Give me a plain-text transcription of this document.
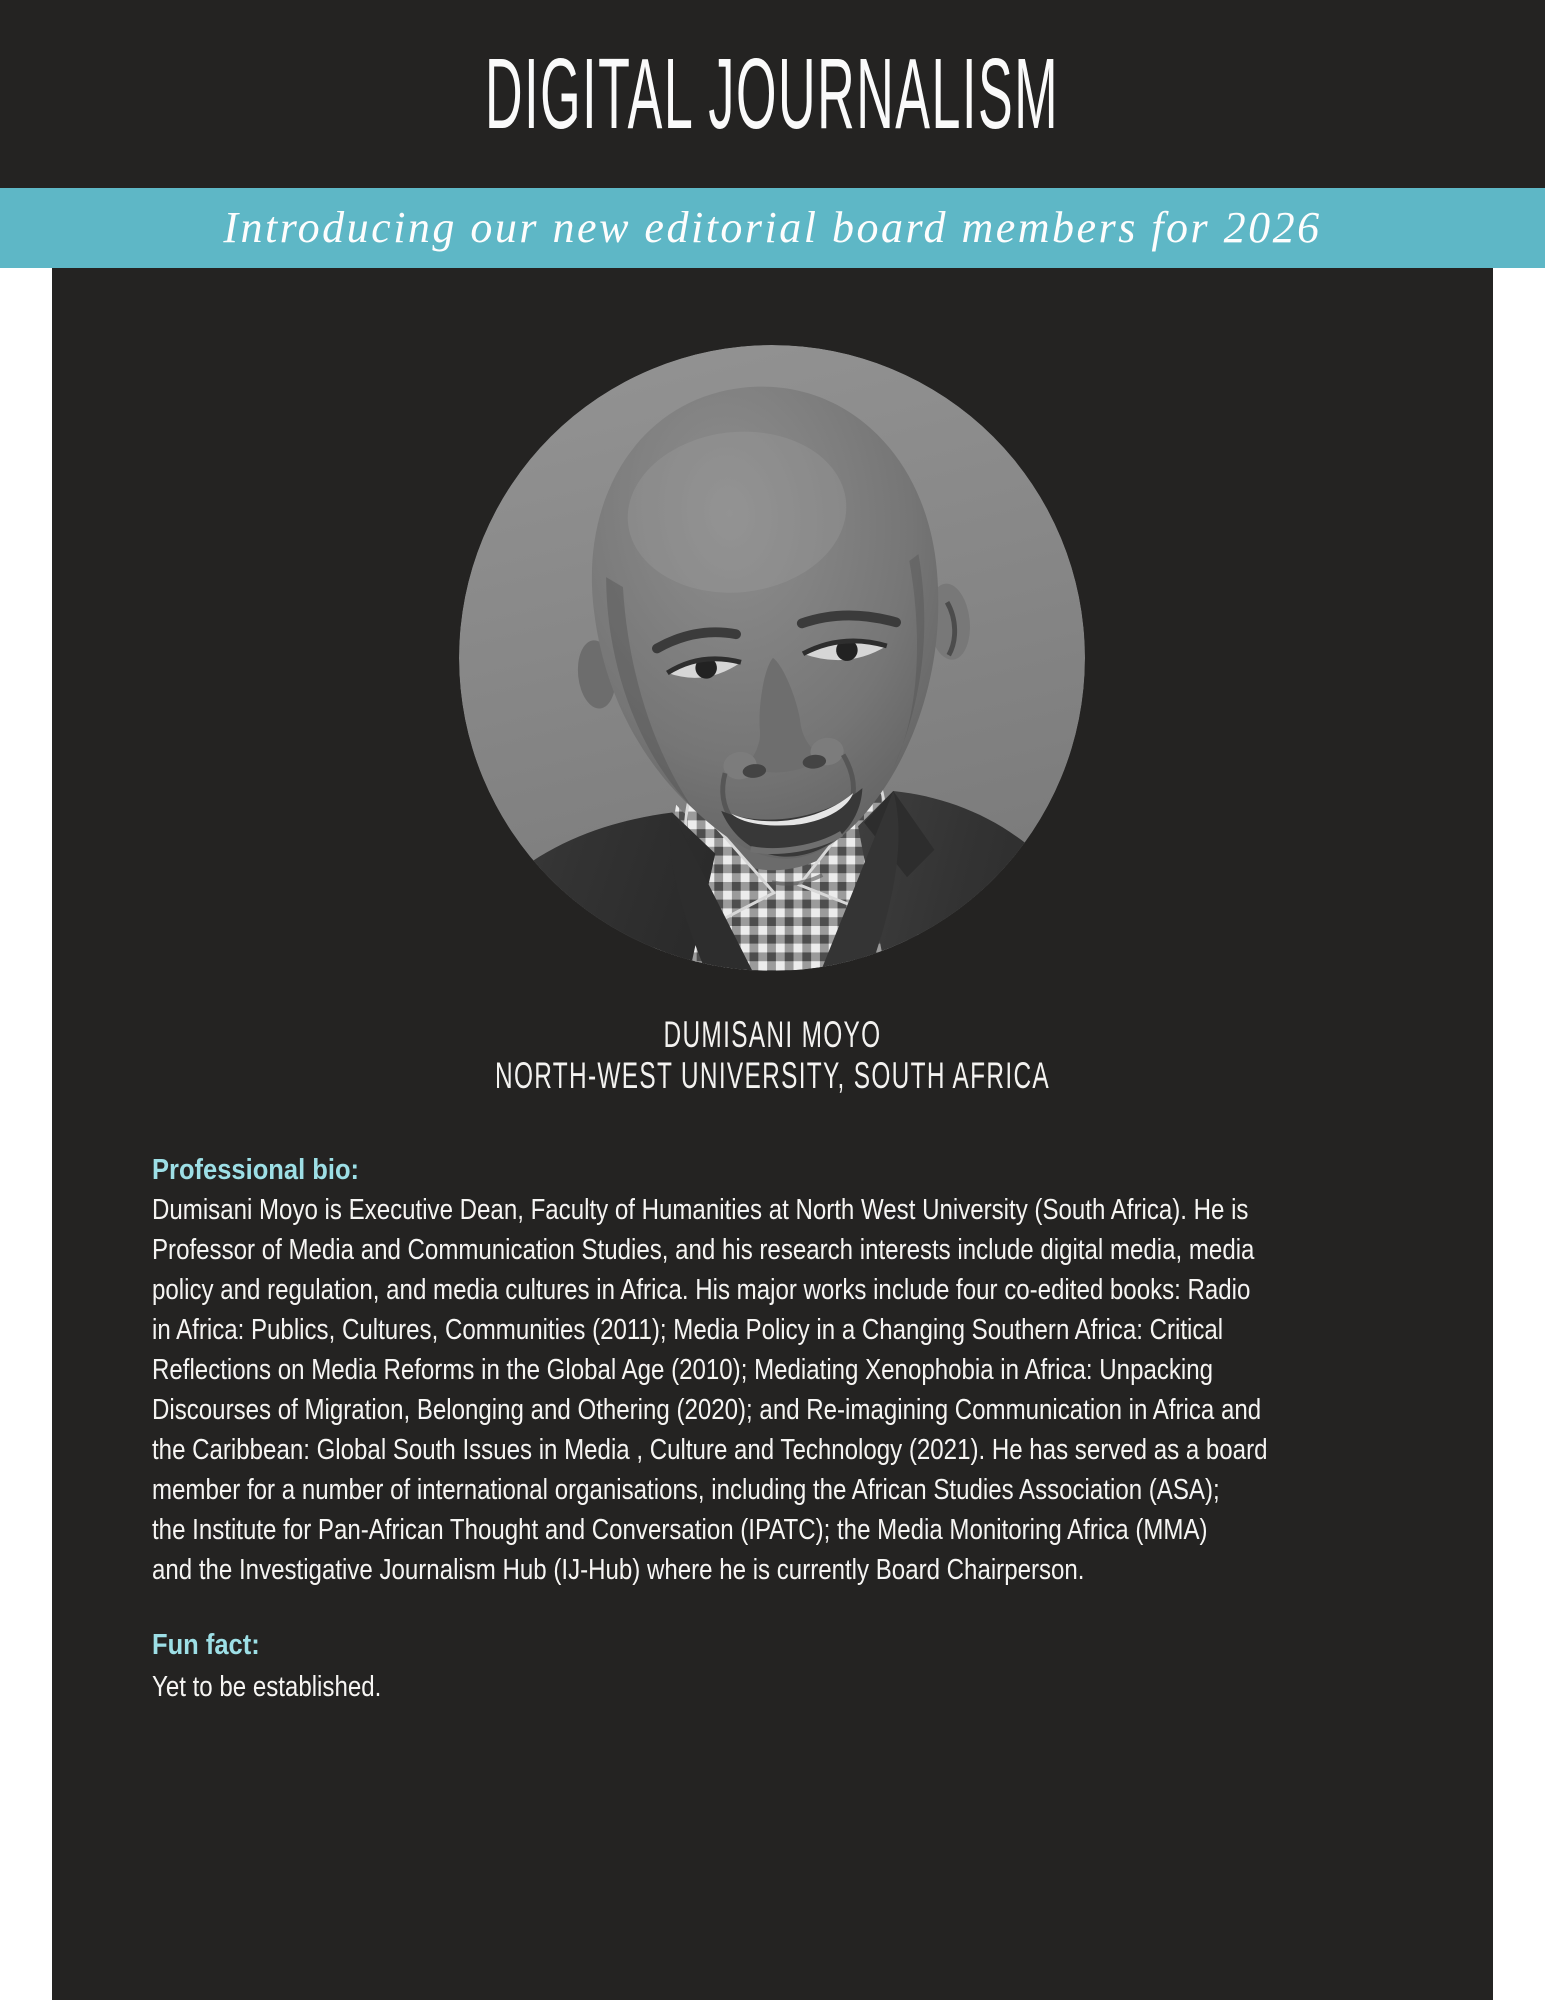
DIGITAL JOURNALISM
Introducing our new editorial board members for 2026
DUMISANI MOYO
NORTH-WEST UNIVERSITY, SOUTH AFRICA
Professional bio:
Dumisani Moyo is Executive Dean, Faculty of Humanities at North West University (South Africa). He is
Professor of Media and Communication Studies, and his research interests include digital media, media
policy and regulation, and media cultures in Africa. His major works include four co-edited books: Radio
in Africa: Publics, Cultures, Communities (2011); Media Policy in a Changing Southern Africa: Critical
Reflections on Media Reforms in the Global Age (2010); Mediating Xenophobia in Africa: Unpacking
Discourses of Migration, Belonging and Othering (2020); and Re-imagining Communication in Africa and
the Caribbean: Global South Issues in Media , Culture and Technology (2021). He has served as a board
member for a number of international organisations, including the African Studies Association (ASA);
the Institute for Pan-African Thought and Conversation (IPATC); the Media Monitoring Africa (MMA)
and the Investigative Journalism Hub (IJ-Hub) where he is currently Board Chairperson.
Fun fact:
Yet to be established.
